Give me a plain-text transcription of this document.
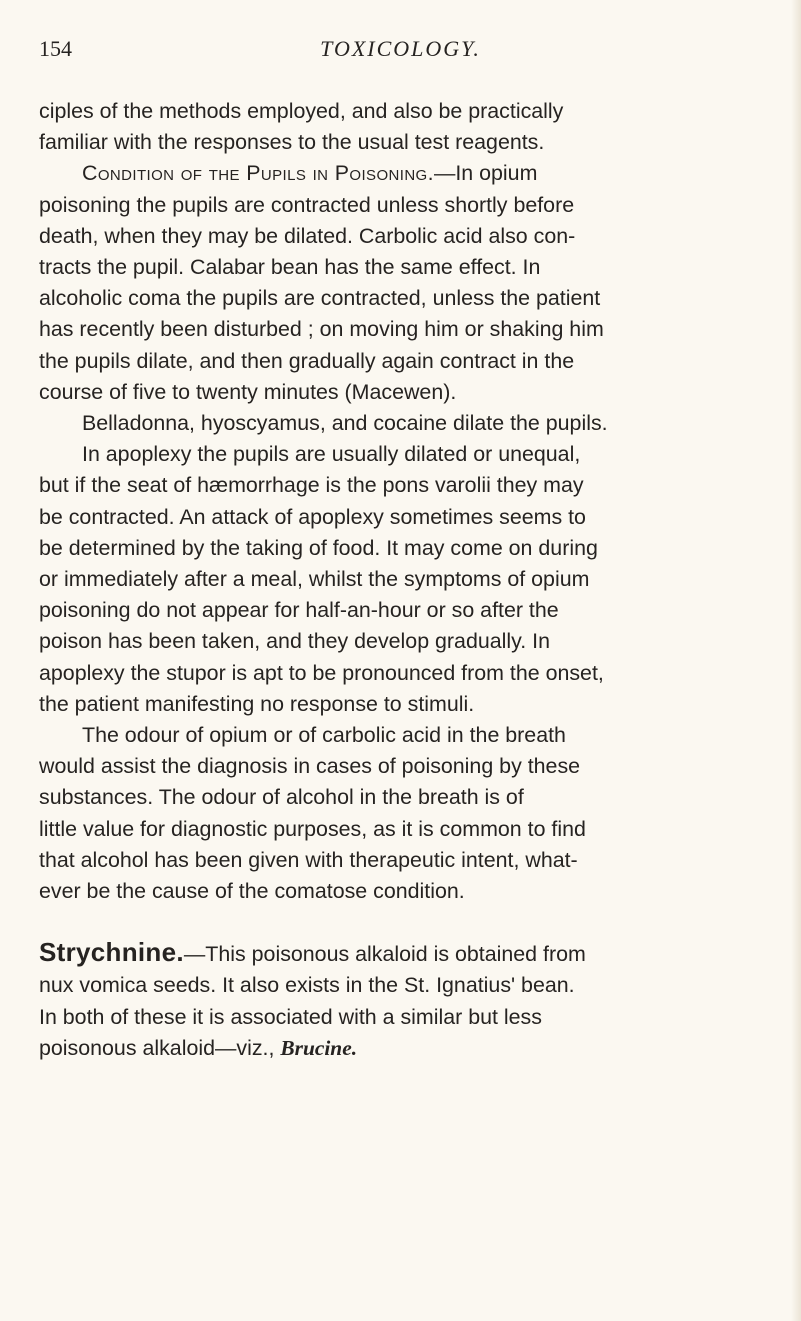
154	TOXICOLOGY.
ciples of the methods employed, and also be practically
familiar with the responses to the usual test reagents.
Condition of the Pupils in Poisoning.—In opium
poisoning the pupils are contracted unless shortly before
death, when they may be dilated. Carbolic acid also con-
tracts the pupil. Calabar bean has the same effect. In
alcoholic coma the pupils are contracted, unless the patient
has recently been disturbed ; on moving him or shaking him
the pupils dilate, and then gradually again contract in the
course of five to twenty minutes (Macewen).
Belladonna, hyoscyamus, and cocaine dilate the pupils.
In apoplexy the pupils are usually dilated or unequal,
but if the seat of hæmorrhage is the pons varolii they may
be contracted. An attack of apoplexy sometimes seems to
be determined by the taking of food. It may come on during
or immediately after a meal, whilst the symptoms of opium
poisoning do not appear for half-an-hour or so after the
poison has been taken, and they develop gradually. In
apoplexy the stupor is apt to be pronounced from the onset,
the patient manifesting no response to stimuli.
The odour of opium or of carbolic acid in the breath
would assist the diagnosis in cases of poisoning by these
substances. The odour of alcohol in the breath is of
little value for diagnostic purposes, as it is common to find
that alcohol has been given with therapeutic intent, what-
ever be the cause of the comatose condition.
Strychnine.—This poisonous alkaloid is obtained from
nux vomica seeds. It also exists in the St. Ignatius' bean.
In both of these it is associated with a similar but less
poisonous alkaloid—viz., Brucine.
